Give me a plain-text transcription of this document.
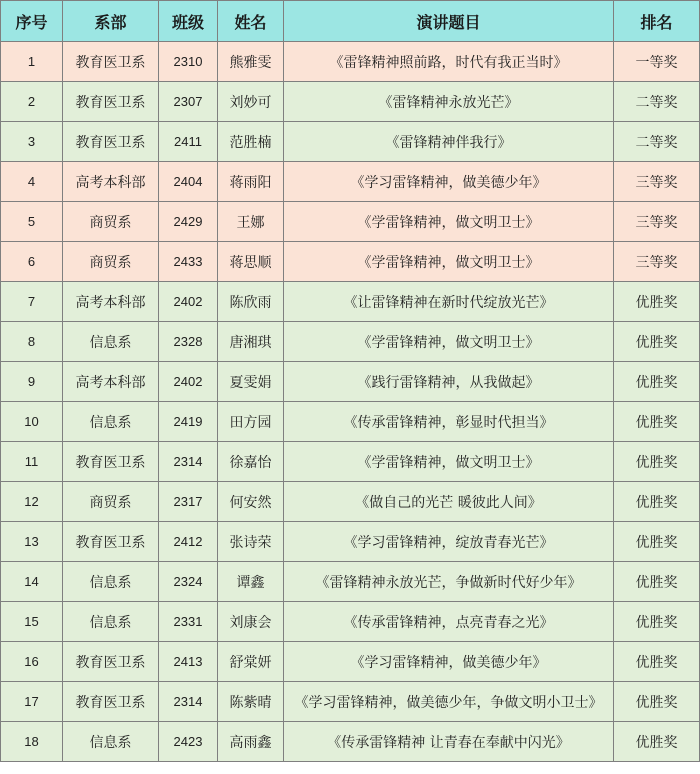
序号	系部	班级	姓名	演讲题目	排名
1	教育医卫系	2310	熊雅雯	《雷锋精神照前路，时代有我正当时》	一等奖
2	教育医卫系	2307	刘妙可	《雷锋精神永放光芒》	二等奖
3	教育医卫系	2411	范胜楠	《雷锋精神伴我行》	二等奖
4	高考本科部	2404	蒋雨阳	《学习雷锋精神，做美德少年》	三等奖
5	商贸系	2429	王娜	《学雷锋精神，做文明卫士》	三等奖
6	商贸系	2433	蒋思顺	《学雷锋精神，做文明卫士》	三等奖
7	高考本科部	2402	陈欣雨	《让雷锋精神在新时代绽放光芒》	优胜奖
8	信息系	2328	唐湘琪	《学雷锋精神，做文明卫士》	优胜奖
9	高考本科部	2402	夏雯娟	《践行雷锋精神，从我做起》	优胜奖
10	信息系	2419	田方园	《传承雷锋精神，彰显时代担当》	优胜奖
11	教育医卫系	2314	徐嘉怡	《学雷锋精神，做文明卫士》	优胜奖
12	商贸系	2317	何安然	《做自己的光芒 暖彼此人间》	优胜奖
13	教育医卫系	2412	张诗荣	《学习雷锋精神，绽放青春光芒》	优胜奖
14	信息系	2324	谭鑫	《雷锋精神永放光芒，争做新时代好少年》	优胜奖
15	信息系	2331	刘康会	《传承雷锋精神，点亮青春之光》	优胜奖
16	教育医卫系	2413	舒棠妍	《学习雷锋精神，做美德少年》	优胜奖
17	教育医卫系	2314	陈紫晴	《学习雷锋精神，做美德少年，争做文明小卫士》	优胜奖
18	信息系	2423	高雨鑫	《传承雷锋精神 让青春在奉献中闪光》	优胜奖
